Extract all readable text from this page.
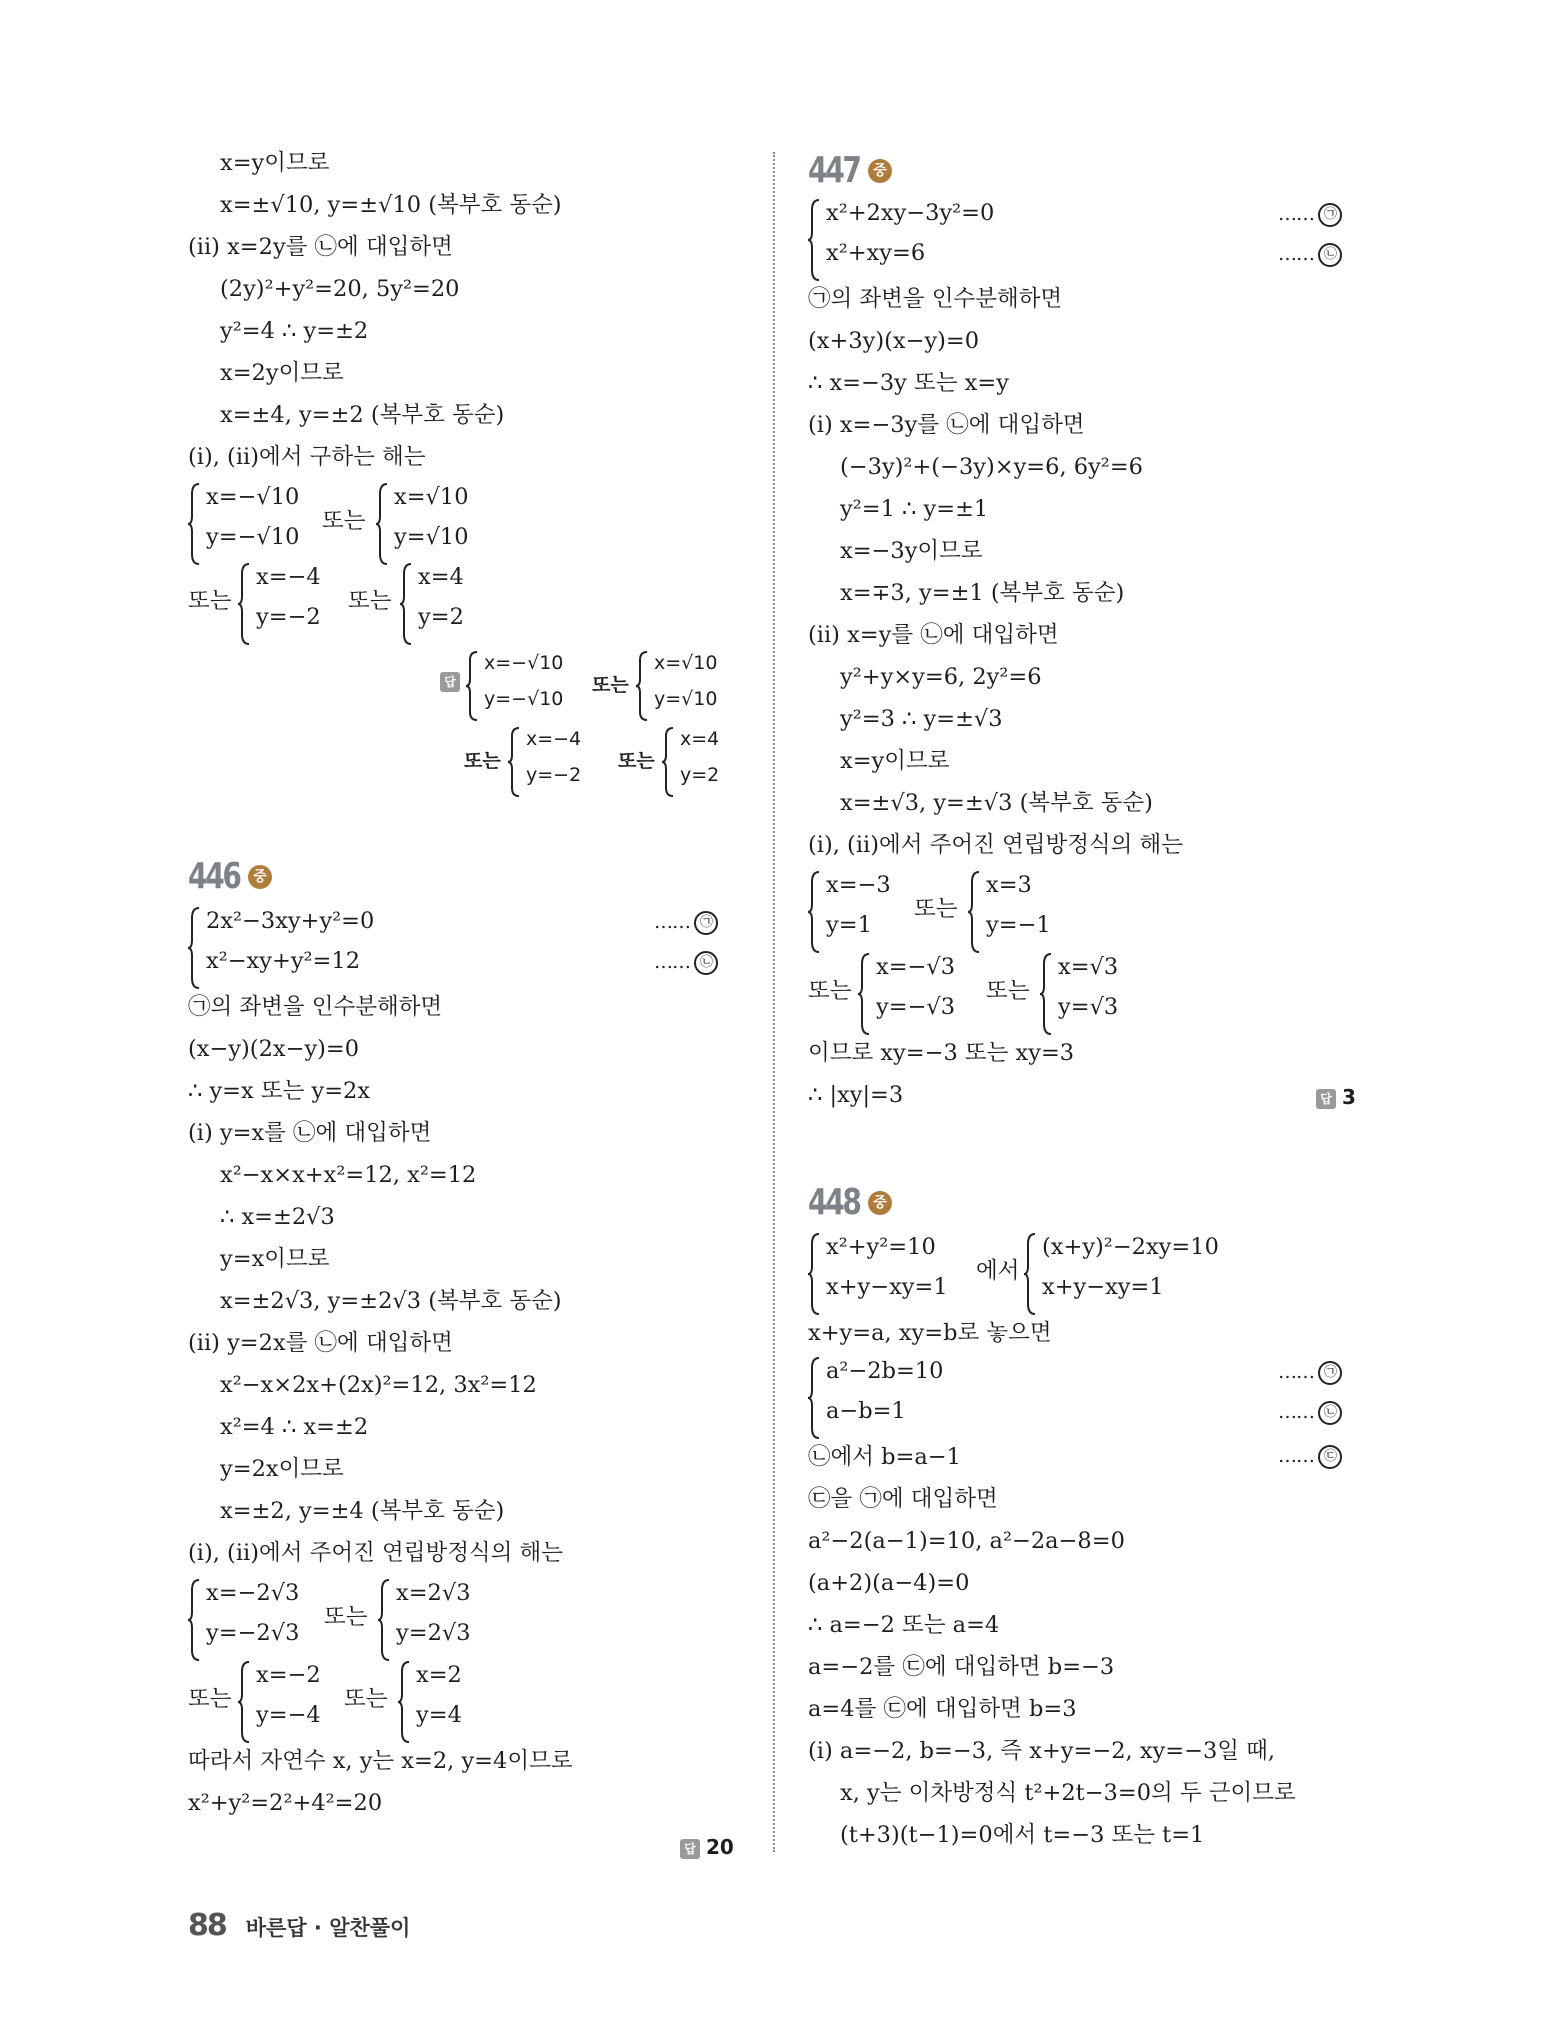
x=y이므로
x=±√10, y=±√10 (복부호 동순)
(ii) x=2y를 ㉡에 대입하면
(2y)²+y²=20, 5y²=20
y²=4 ∴ y=±2
x=2y이므로
x=±4, y=±2 (복부호 동순)
(i), (ii)에서 구하는 해는
x=−√10
y=−√10
또는
x=√10
y=√10
또는
x=−4
y=−2
또는
x=4
y=2
답
x=−√10
y=−√10
또는
x=√10
y=√10
또는
x=−4
y=−2
또는
x=4
y=2
446 중
2x²−3xy+y²=0
x²−xy+y²=12
…… ㉠
…… ㉡
㉠의 좌변을 인수분해하면
(x−y)(2x−y)=0
∴ y=x 또는 y=2x
(i) y=x를 ㉡에 대입하면
x²−x×x+x²=12, x²=12
∴ x=±2√3
y=x이므로
x=±2√3, y=±2√3 (복부호 동순)
(ii) y=2x를 ㉡에 대입하면
x²−x×2x+(2x)²=12, 3x²=12
x²=4 ∴ x=±2
y=2x이므로
x=±2, y=±4 (복부호 동순)
(i), (ii)에서 주어진 연립방정식의 해는
x=−2√3
y=−2√3
또는
x=2√3
y=2√3
또는
x=−2
y=−4
또는
x=2
y=4
따라서 자연수 x, y는 x=2, y=4이므로
x²+y²=2²+4²=20
답 20
447 중
x²+2xy−3y²=0
x²+xy=6
…… ㉠
…… ㉡
㉠의 좌변을 인수분해하면
(x+3y)(x−y)=0
∴ x=−3y 또는 x=y
(i) x=−3y를 ㉡에 대입하면
(−3y)²+(−3y)×y=6, 6y²=6
y²=1 ∴ y=±1
x=−3y이므로
x=∓3, y=±1 (복부호 동순)
(ii) x=y를 ㉡에 대입하면
y²+y×y=6, 2y²=6
y²=3 ∴ y=±√3
x=y이므로
x=±√3, y=±√3 (복부호 동순)
(i), (ii)에서 주어진 연립방정식의 해는
x=−3
y=1
또는
x=3
y=−1
또는
x=−√3
y=−√3
또는
x=√3
y=√3
이므로 xy=−3 또는 xy=3
∴ |xy|=3	답 3
448 중
x²+y²=10
x+y−xy=1
에서
(x+y)²−2xy=10
x+y−xy=1
x+y=a, xy=b로 놓으면
a²−2b=10
a−b=1
…… ㉠
…… ㉡
㉡에서 b=a−1	…… ㉢
㉢을 ㉠에 대입하면
a²−2(a−1)=10, a²−2a−8=0
(a+2)(a−4)=0
∴ a=−2 또는 a=4
a=−2를 ㉢에 대입하면 b=−3
a=4를 ㉢에 대입하면 b=3
(i) a=−2, b=−3, 즉 x+y=−2, xy=−3일 때,
x, y는 이차방정식 t²+2t−3=0의 두 근이므로
(t+3)(t−1)=0에서 t=−3 또는 t=1
88 바른답 · 알찬풀이
